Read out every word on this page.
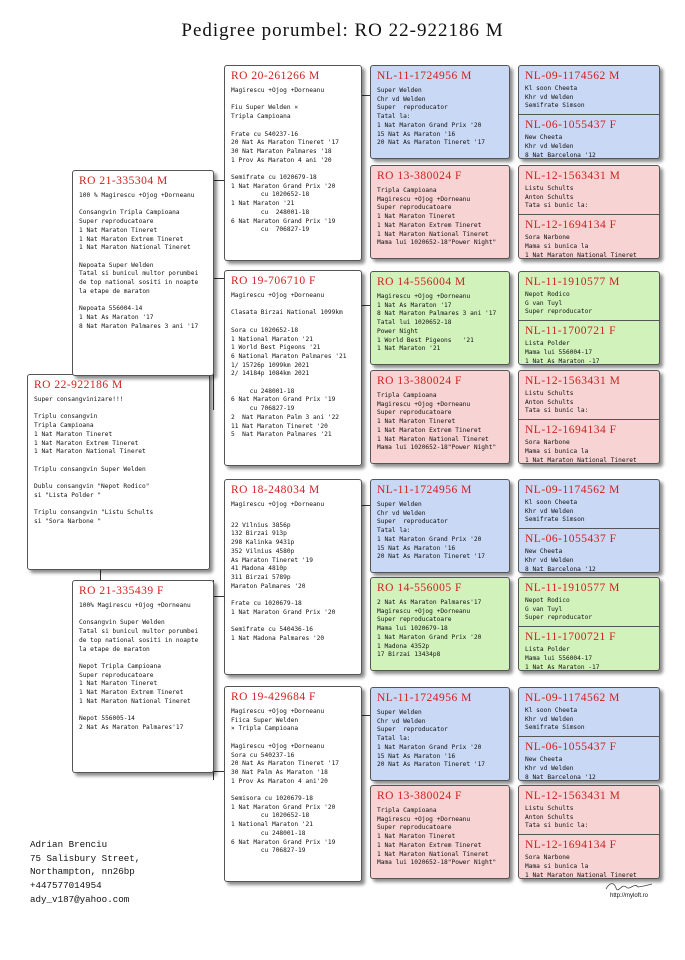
Pedigree porumbel: RO 22-922186 M
RO 22-922186 M
Super consangvinizare!!!

Triplu consangvin
Tripla Campioana
1 Nat Maraton Tineret
1 Nat Maraton Extrem Tineret
1 Nat Maraton National Tineret

Triplu consangvin Super Welden

Dublu consangvin "Nepot Rodico"
si "Lista Polder "

Triplu consangvin "Listu Schults
si "Sora Narbone "
RO 21-335304 M
100 % Magirescu +Ojog +Dorneanu

Consangvin Tripla Campioana
Super reproducatoare
1 Nat Maraton Tineret
1 Nat Maraton Extrem Tineret
1 Nat Maraton National Tineret

Nepoata Super Welden
Tatal si bunicul multor porumbei
de top national sositi in noapte
la etape de maraton

Nepoata 556004-14
1 Nat As Maraton '17
8 Nat Maraton Palmares 3 ani '17
RO 21-335439 F
100% Magirescu +Ojog +Dorneanu

Consangvin Super Welden
Tatal si bunicul multor porumbei
de top national sositi in noapte
la etape de maraton

Nepot Tripla Campioana
Super reproducatoare
1 Nat Maraton Tineret
1 Nat Maraton Extrem Tineret
1 Nat Maraton National Tineret

Nepot 556005-14
2 Nat As Maraton Palmares'17
RO 20-261266 M
Magirescu +Ojog +Dorneanu

Fiu Super Welden ×
Tripla Campioana

Frate cu 540237-16
20 Nat As Maraton Tineret '17
30 Nat Maraton Palmares '18
1 Prov As Maraton 4 ani '20

Semifrate cu 1020679-18
1 Nat Maraton Grand Prix '20
cu 1020652-18
1 Nat Maraton '21
cu  248001-18
6 Nat Maraton Grand Prix '19
cu  706827-19
RO 19-706710 F
Magirescu +Ojog +Dorneanu

Clasata Birzai National 1099km

Sora cu 1020652-18
1 National Maraton '21
1 World Best Pigeons '21
6 National Maraton Palmares '21
1/ 15726p 1099km 2021
2/ 14184p 1084km 2021

cu 248001-18
6 Nat Maraton Grand Prix '19
cu 706827-19
2  Nat Maraton Palm 3 ani '22
11 Nat Maraton Tineret '20
5  Nat Maraton Palmares '21
RO 18-248034 M
Magirescu +Ojog +Dorneanu
22 Vilnius 3856p
132 Birzai 913p
298 Kalinka 9431p
352 Vilnius 4580p
As Maraton Tineret '19
41 Madona 4810p
311 Birzai 5789p
Maraton Palmares '20

Frate cu 1020679-18
1 Nat Maraton Grand Prix '20

Semifrate cu 540436-16
1 Nat Madona Palmares '20
RO 19-429684 F
Magirescu +Ojog +Dorneanu
Fiica Super Welden
× Tripla Campioana

Magirescu +Ojog +Dorneanu
Sora cu 540237-16
20 Nat As Maraton Tineret '17
30 Nat Palm As Maraton '18
1 Prov As Maraton 4 ani'20

Semisora cu 1020679-18
1 Nat Maraton Grand Prix '20
cu 1020652-18
1 National Maraton '21
cu 248001-18
6 Nat Maraton Grand Prix '19
cu 706827-19
NL-11-1724956 M
Super Welden
Chr vd Welden
Super  reproducator
Tatal la:
1 Nat Maraton Grand Prix '20
15 Nat As Maraton '16
20 Nat As Maraton Tineret '17
RO 13-380024 F
Tripla Campioana
Magirescu +Ojog +Dorneanu
Super reproducatoare
1 Nat Maraton Tineret
1 Nat Maraton Extrem Tineret
1 Nat Maraton National Tineret
Mama lui 1020652-18"Power Night"
RO 14-556004 M
Magirescu +Ojog +Dorneanu
1 Nat As Maraton '17
8 Nat Maraton Palmares 3 ani '17
Tatal lui 1020652-18
Power Night
1 World Best Pigeons   '21
1 Nat Maraton '21
RO 13-380024 F
Tripla Campioana
Magirescu +Ojog +Dorneanu
Super reproducatoare
1 Nat Maraton Tineret
1 Nat Maraton Extrem Tineret
1 Nat Maraton National Tineret
Mama lui 1020652-18"Power Night"
NL-11-1724956 M
Super Welden
Chr vd Welden
Super  reproducator
Tatal la:
1 Nat Maraton Grand Prix '20
15 Nat As Maraton '16
20 Nat As Maraton Tineret '17
RO 14-556005 F
2 Nat As Maraton Palmares'17
Magirescu +Ojog +Dorneanu
Super reproducatoare
Mama lui 1020679-18
1 Nat Maraton Grand Prix '20
1 Madona 4352p
17 Birzai 13434p8
NL-11-1724956 M
Super Welden
Chr vd Welden
Super  reproducator
Tatal la:
1 Nat Maraton Grand Prix '20
15 Nat As Maraton '16
20 Nat As Maraton Tineret '17
RO 13-380024 F
Tripla Campioana
Magirescu +Ojog +Dorneanu
Super reproducatoare
1 Nat Maraton Tineret
1 Nat Maraton Extrem Tineret
1 Nat Maraton National Tineret
Mama lui 1020652-18"Power Night"
NL-09-1174562 M
Kl soon Cheeta
Khr vd Welden
Semifrate Simson
NL-06-1055437 F
New Cheeta
Khr vd Welden
8 Nat Barcelona '12
NL-12-1563431 M
Listu Schults
Anton Schults
Tata si bunic la:
NL-12-1694134 F
Sora Narbone
Mama si bunica la
1 Nat Maraton National Tineret
NL-11-1910577 M
Nepot Rodico
G van Tuyl
Super reproducator
NL-11-1700721 F
Lista Polder
Mama lui 556004-17
1 Nat As Maraton -17
NL-12-1563431 M
Listu Schults
Anton Schults
Tata si bunic la:
NL-12-1694134 F
Sora Narbone
Mama si bunica la
1 Nat Maraton National Tineret
NL-09-1174562 M
Kl soon Cheeta
Khr vd Welden
Semifrate Simson
NL-06-1055437 F
New Cheeta
Khr vd Welden
8 Nat Barcelona '12
NL-11-1910577 M
Nepot Rodico
G van Tuyl
Super reproducator
NL-11-1700721 F
Lista Polder
Mama lui 556004-17
1 Nat As Maraton -17
NL-09-1174562 M
Kl soon Cheeta
Khr vd Welden
Semifrate Simson
NL-06-1055437 F
New Cheeta
Khr vd Welden
8 Nat Barcelona '12
NL-12-1563431 M
Listu Schults
Anton Schults
Tata si bunic la:
NL-12-1694134 F
Sora Narbone
Mama si bunica la
1 Nat Maraton National Tineret
Adrian Brenciu
75 Salisbury Street,
Northampton, nn26bp
+447577014954
ady_v187@yahoo.com	http://myloft.ro
